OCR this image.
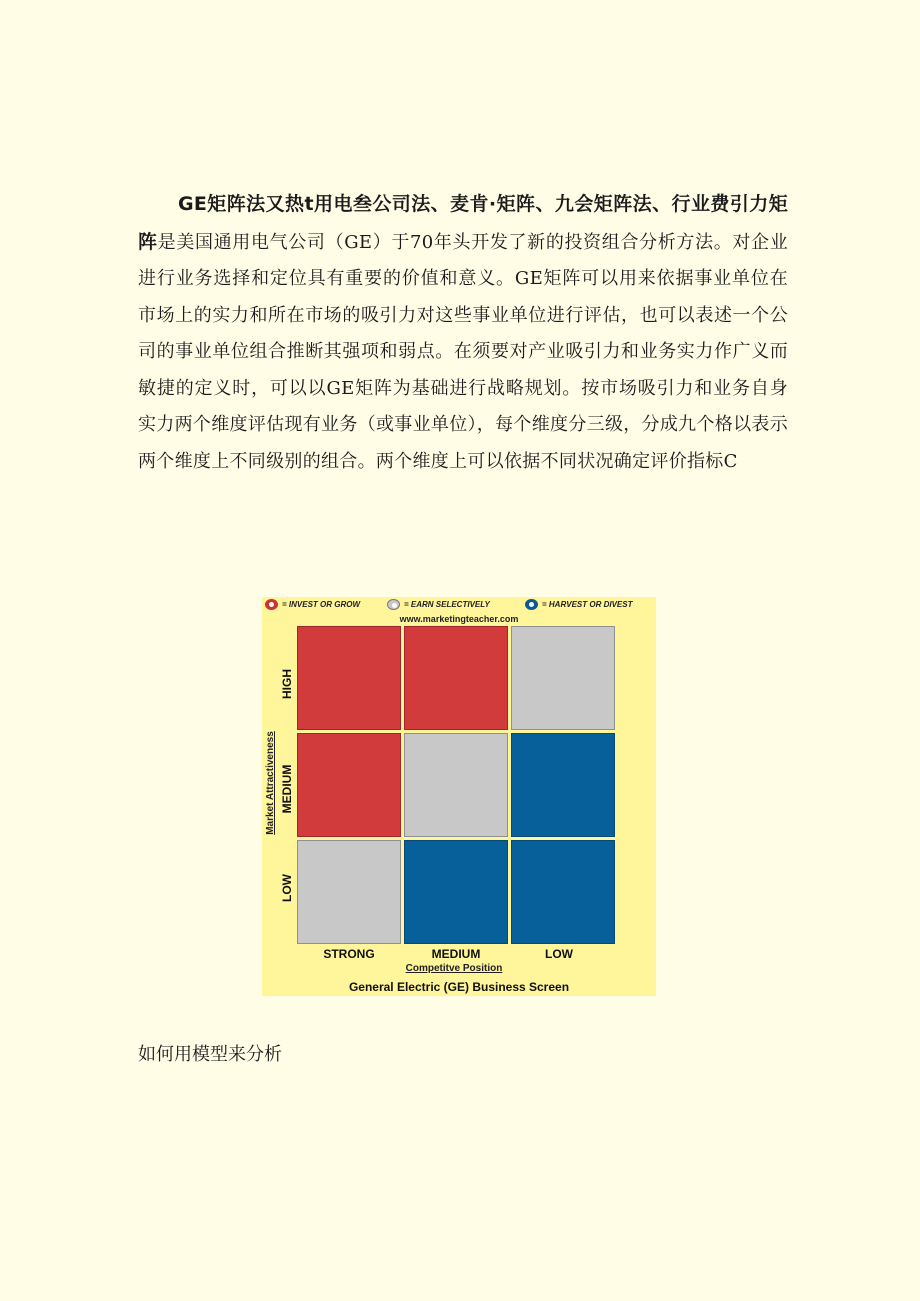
GE矩阵法又热t用电叁公司法、麦肯·矩阵、九会矩阵法、行业费引力矩阵是美国通用电气公司（GE）于70年头开发了新的投资组合分析方法。对企业进行业务选择和定位具有重要的价值和意义。GE矩阵可以用来依据事业单位在市场上的实力和所在市场的吸引力对这些事业单位进行评估，也可以表述一个公司的事业单位组合推断其强项和弱点。在须要对产业吸引力和业务实力作广义而敏捷的定义时，可以以GE矩阵为基础进行战略规划。按市场吸引力和业务自身实力两个维度评估现有业务（或事业单位），每个维度分三级，分成九个格以表示两个维度上不同级别的组合。两个维度上可以依据不同状况确定评价指标C
= INVEST OR GROW	= EARN SELECTIVELY	= HARVEST OR DIVEST
www.marketingteacher.com
Market Attractiveness
HIGH
MEDIUM
LOW
STRONG	MEDIUM	LOW
Competitve Position
General Electric (GE) Business Screen
如何用模型来分析
